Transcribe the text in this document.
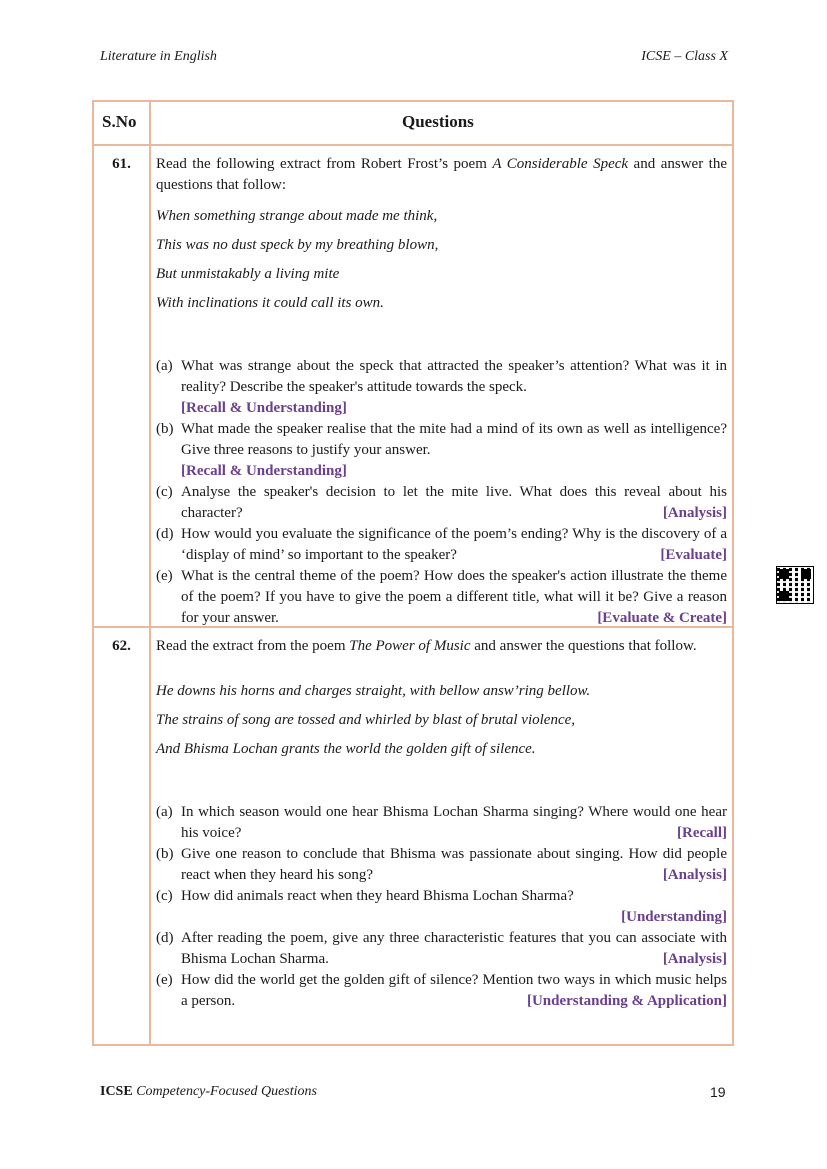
Literature in English	ICSE – Class X
S.No	Questions
61.	Read the following extract from Robert Frost’s poem A Considerable Speck and answer the questions that follow:

When something strange about made me think,

This was no dust speck by my breathing blown,

But unmistakably a living mite

With inclinations it could call its own.

(a) What was strange about the speck that attracted the speaker’s attention? What was it in reality? Describe the speaker's attitude towards the speck.
[Recall & Understanding]
(b) What made the speaker realise that the mite had a mind of its own as well as intelligence? Give three reasons to justify your answer.
[Recall & Understanding]
(c) Analyse the speaker's decision to let the mite live. What does this reveal about his character?	[Analysis]
(d) How would you evaluate the significance of the poem’s ending? Why is the discovery of a ‘display of mind’ so important to the speaker?	[Evaluate]
(e) What is the central theme of the poem? How does the speaker's action illustrate the theme of the poem? If you have to give the poem a different title, what will it be? Give a reason for your answer.	[Evaluate & Create]
62.	Read the extract from the poem The Power of Music and answer the questions that follow.

He downs his horns and charges straight, with bellow answ’ring bellow.

The strains of song are tossed and whirled by blast of brutal violence,

And Bhisma Lochan grants the world the golden gift of silence.

(a) In which season would one hear Bhisma Lochan Sharma singing? Where would one hear his voice?	[Recall]
(b) Give one reason to conclude that Bhisma was passionate about singing. How did people react when they heard his song?	[Analysis]
(c) How did animals react when they heard Bhisma Lochan Sharma?
[Understanding]
(d) After reading the poem, give any three characteristic features that you can associate with Bhisma Lochan Sharma.	[Analysis]
(e) How did the world get the golden gift of silence? Mention two ways in which music helps a person.	[Understanding & Application]
ICSE Competency-Focused Questions	19
